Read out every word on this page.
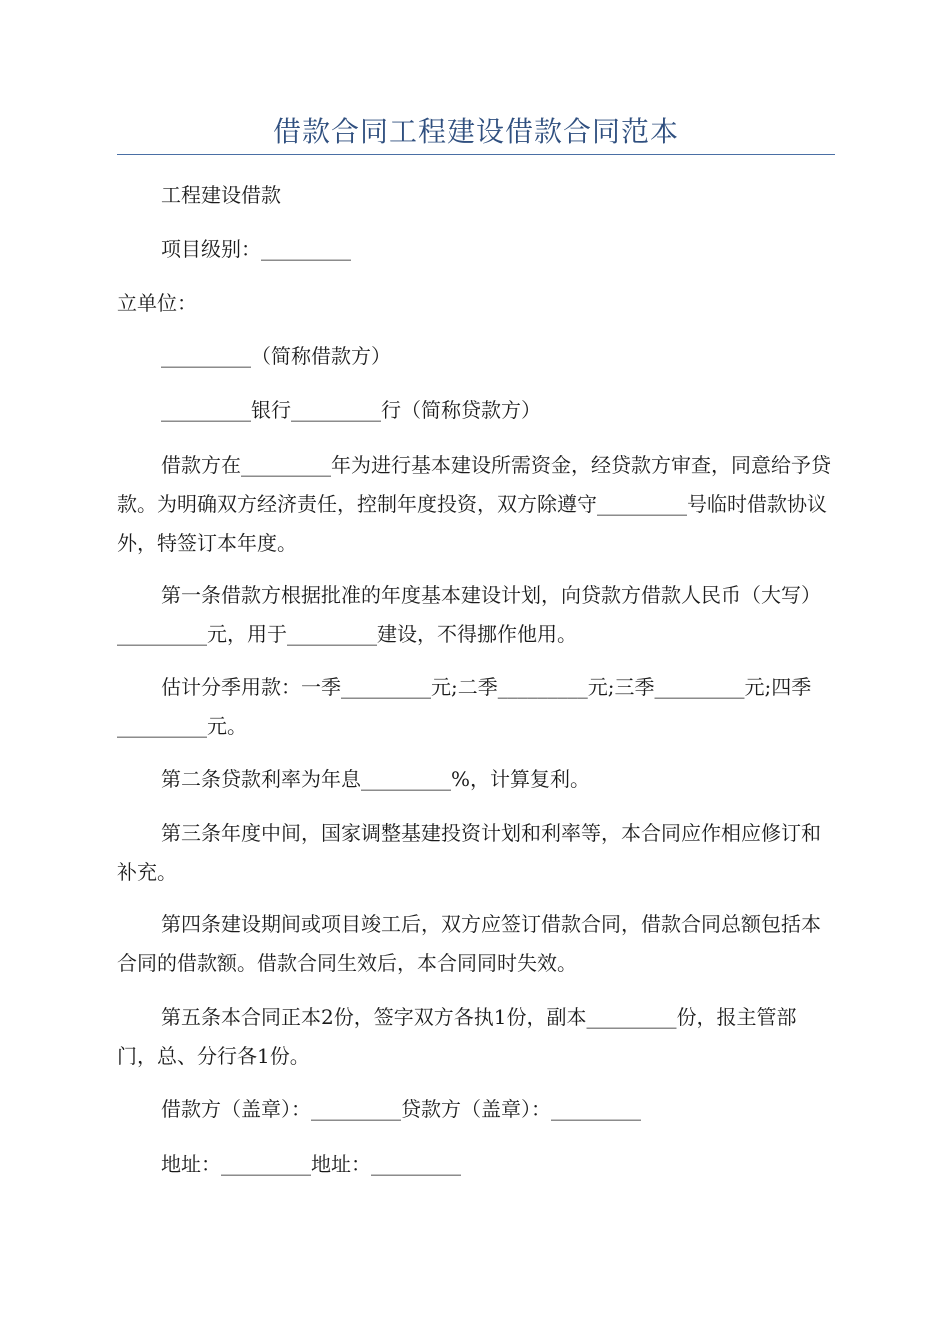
借款合同工程建设借款合同范本

工程建设借款

项目级别：_________

立单位：

_________（简称借款方）

_________银行_________行（简称贷款方）

借款方在_________年为进行基本建设所需资金，经贷款方审查，同意给予贷款。为明确双方经济责任，控制年度投资，双方除遵守_________号临时借款协议外，特签订本年度。

第一条借款方根据批准的年度基本建设计划，向贷款方借款人民币（大写）_________元，用于_________建设，不得挪作他用。

估计分季用款：一季_________元;二季_________元;三季_________元;四季_________元。

第二条贷款利率为年息_________%，计算复利。

第三条年度中间，国家调整基建投资计划和利率等，本合同应作相应修订和补充。

第四条建设期间或项目竣工后，双方应签订借款合同，借款合同总额包括本合同的借款额。借款合同生效后，本合同同时失效。

第五条本合同正本2份，签字双方各执1份，副本_________份，报主管部门，总、分行各1份。

借款方（盖章）：_________贷款方（盖章）：_________

地址：_________地址：_________
